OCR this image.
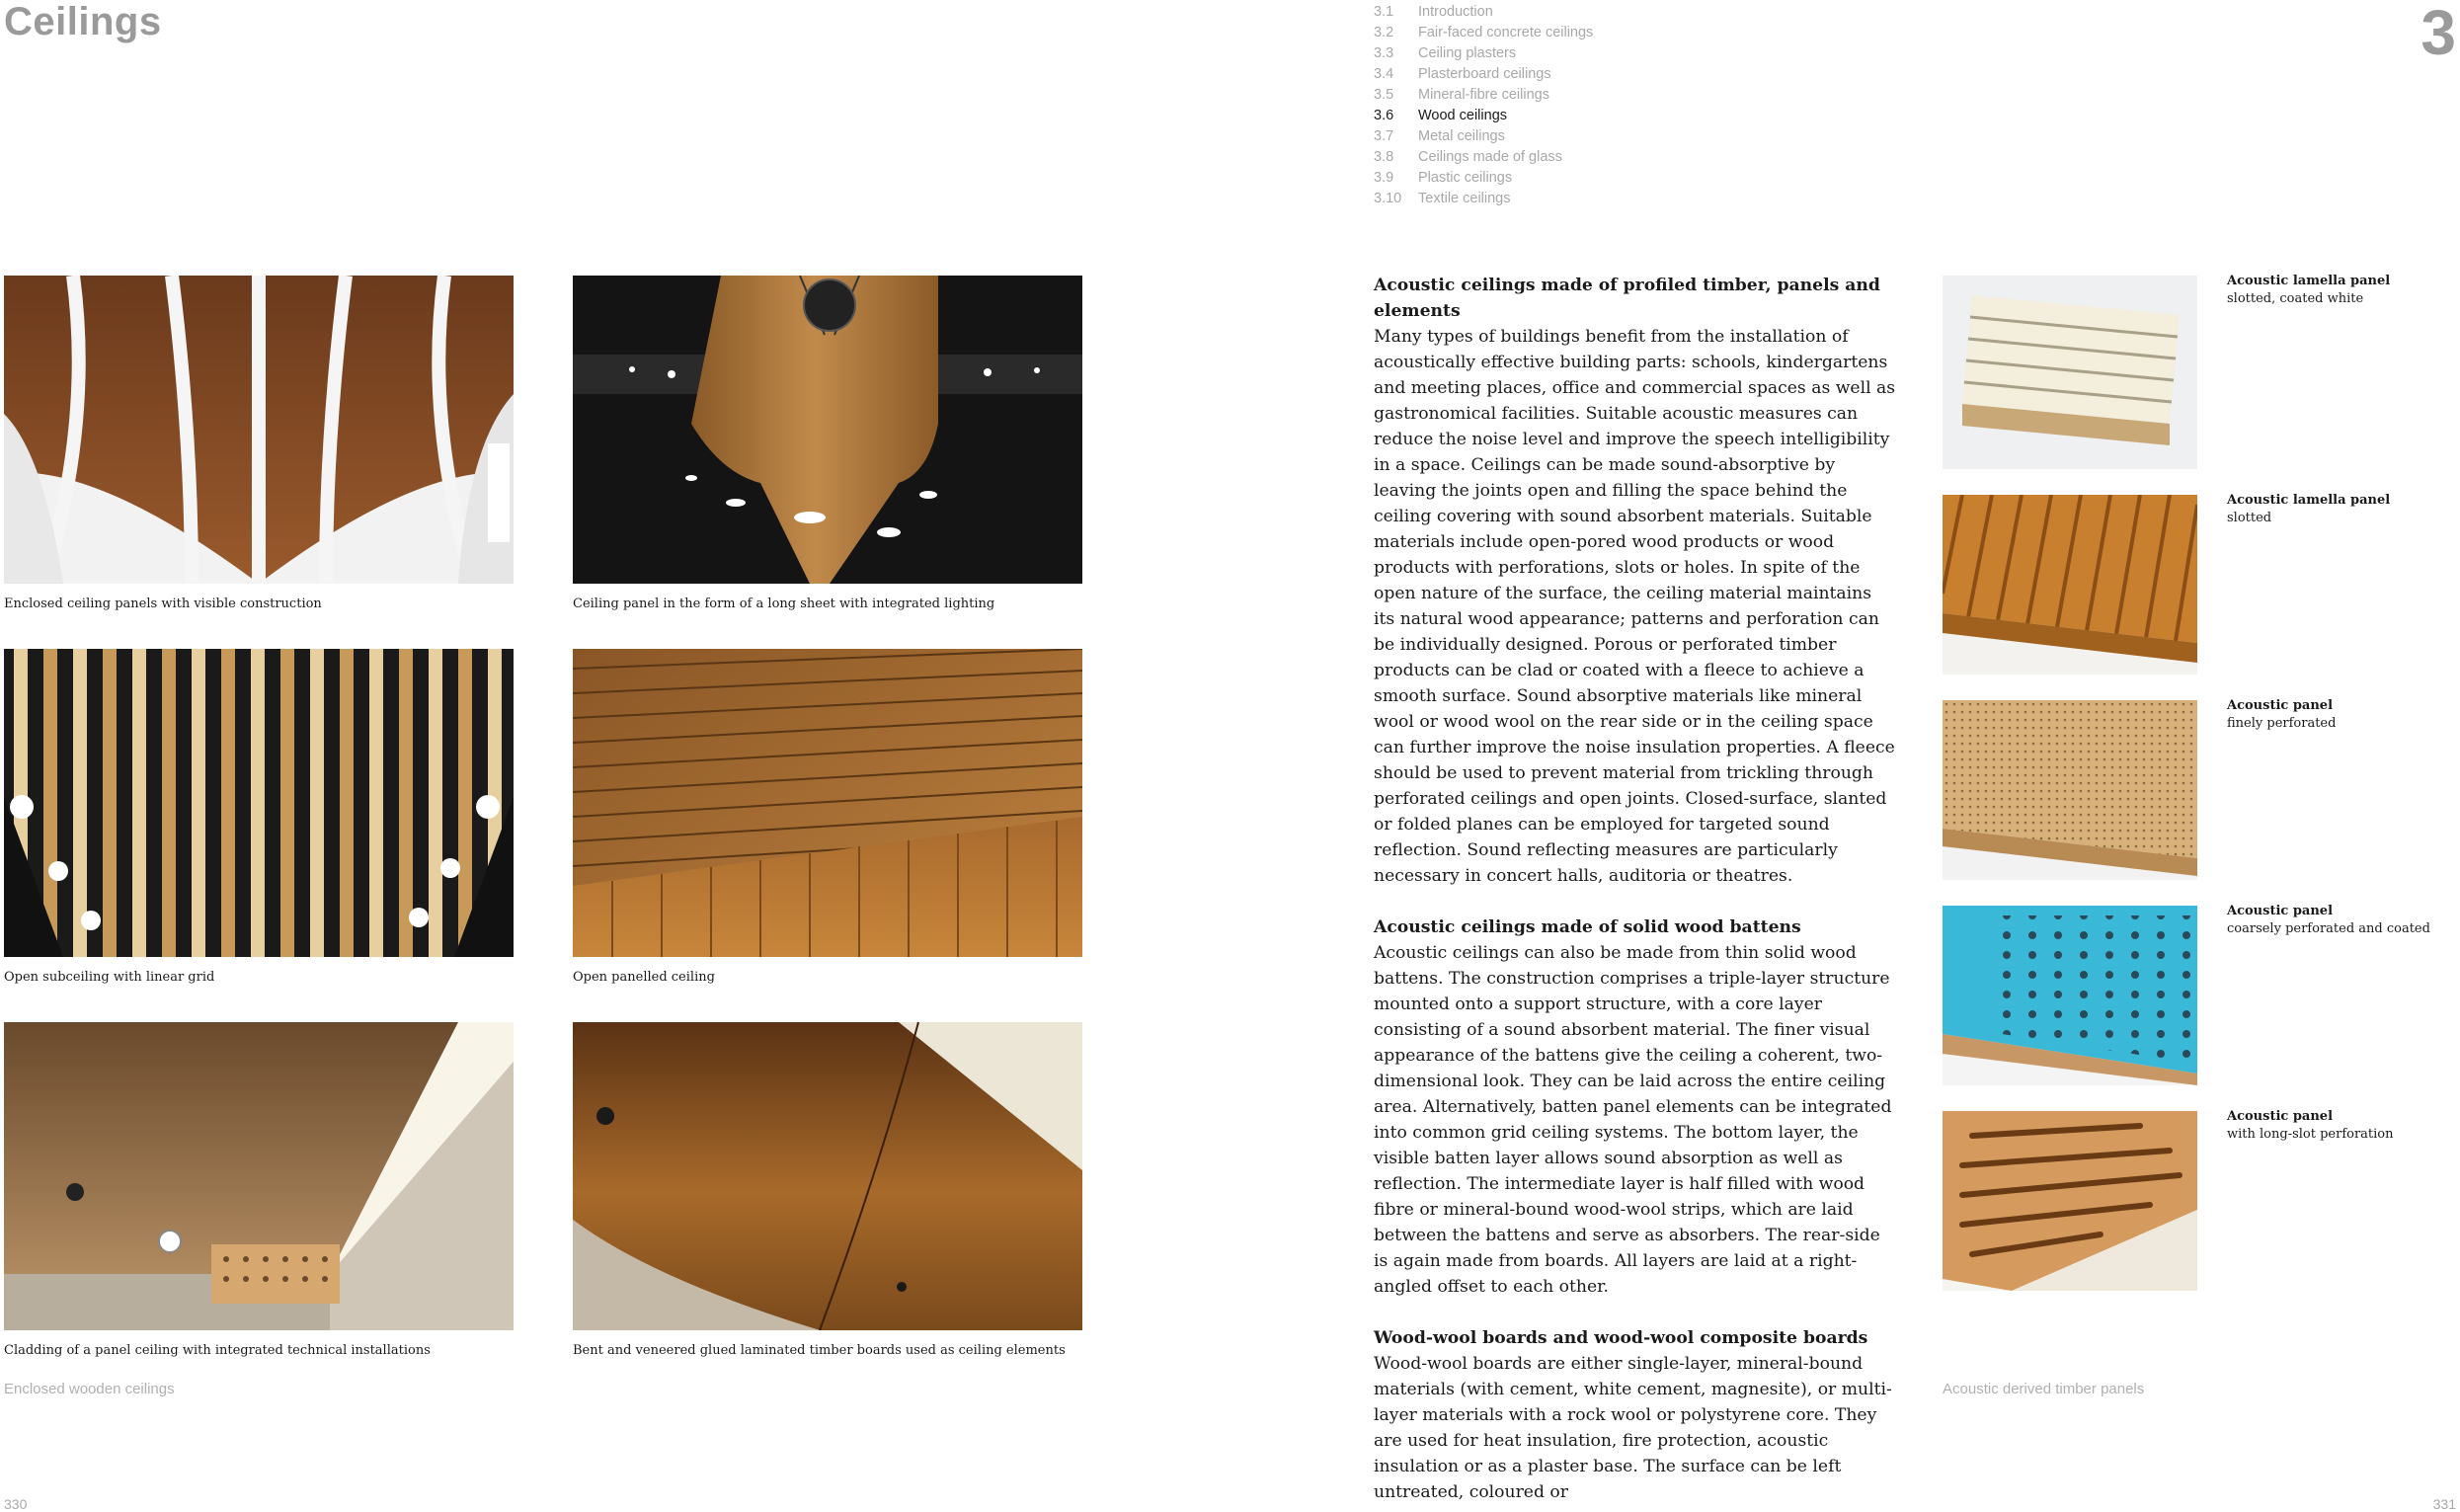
Ceilings	3
3.1	Introduction
3.2	Fair-faced concrete ceilings
3.3	Ceiling plasters
3.4	Plasterboard ceilings
3.5	Mineral-fibre ceilings
3.6	Wood ceilings
3.7	Metal ceilings
3.8	Ceilings made of glass
3.9	Plastic ceilings
3.10	Textile ceilings
Enclosed ceiling panels with visible construction	Ceiling panel in the form of a long sheet with integrated lighting
Open subceiling with linear grid	Open panelled ceiling
Cladding of a panel ceiling with integrated technical installations	Bent and veneered glued laminated timber boards used as ceiling elements
Enclosed wooden ceilings
330
Acoustic ceilings made of profiled timber, panels and elements

Many types of buildings benefit from the installation of acoustically effective building parts: schools, kindergartens and meeting places, office and commercial spaces as well as gastronomical facilities. Suitable acoustic measures can reduce the noise level and improve the speech intelligibility in a space. Ceilings can be made sound-absorptive by leaving the joints open and filling the space behind the ceiling covering with sound absorbent materials. Suitable materials include open-pored wood products or wood products with perforations, slots or holes. In spite of the open nature of the surface, the ceiling material maintains its natural wood appearance; patterns and perforation can be individually designed. Porous or perforated timber products can be clad or coated with a fleece to achieve a smooth surface. Sound absorptive materials like mineral wool or wood wool on the rear side or in the ceiling space can further improve the noise insulation properties. A fleece should be used to prevent material from trickling through perforated ceilings and open joints. Closed-surface, slanted or folded planes can be employed for targeted sound reflection. Sound reflecting measures are particularly necessary in concert halls, auditoria or theatres.

Acoustic ceilings made of solid wood battens

Acoustic ceilings can also be made from thin solid wood battens. The construction comprises a triple-layer structure mounted onto a support structure, with a core layer consisting of a sound absorbent material. The finer visual appearance of the battens give the ceiling a coherent, two-dimensional look. They can be laid across the entire ceiling area. Alternatively, batten panel elements can be integrated into common grid ceiling systems. The bottom layer, the visible batten layer allows sound absorption as well as reflection. The intermediate layer is half filled with wood fibre or mineral-bound wood-wool strips, which are laid between the battens and serve as absorbers. The rear-side is again made from boards. All layers are laid at a right-angled offset to each other.

Wood-wool boards and wood-wool composite boards

Wood-wool boards are either single-layer, mineral-bound materials (with cement, white cement, magnesite), or multi-layer materials with a rock wool or polystyrene core. They are used for heat insulation, fire protection, acoustic insulation or as a plaster base. The surface can be left untreated, coloured or

Acoustic lamella panel
slotted, coated white
Acoustic lamella panel
slotted
Acoustic panel
finely perforated
Acoustic panel
coarsely perforated and coated
Acoustic panel
with long-slot perforation
Acoustic derived timber panels
331
